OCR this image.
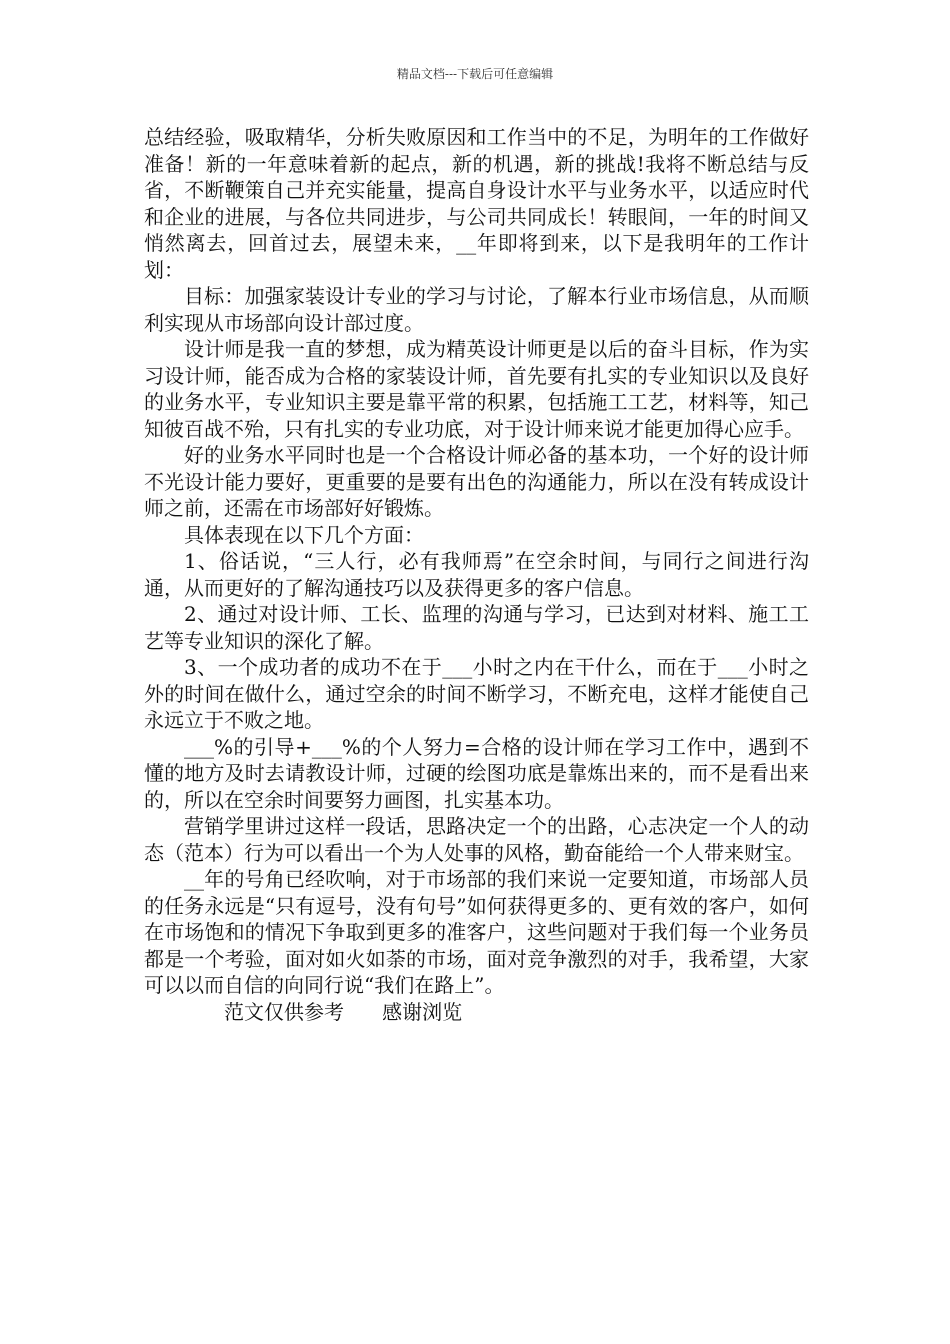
精品文档---下载后可任意编辑

总结经验，吸取精华，分析失败原因和工作当中的不足，为明年的工作做好准备！新的一年意味着新的起点，新的机遇，新的挑战!我将不断总结与反省，不断鞭策自己并充实能量，提高自身设计水平与业务水平，以适应时代和企业的进展，与各位共同进步，与公司共同成长！转眼间，一年的时间又悄然离去，回首过去，展望未来，__年即将到来，以下是我明年的工作计划：

目标：加强家装设计专业的学习与讨论，了解本行业市场信息，从而顺利实现从市场部向设计部过度。

设计师是我一直的梦想，成为精英设计师更是以后的奋斗目标，作为实习设计师，能否成为合格的家装设计师，首先要有扎实的专业知识以及良好的业务水平，专业知识主要是靠平常的积累，包括施工工艺，材料等，知己知彼百战不殆，只有扎实的专业功底，对于设计师来说才能更加得心应手。

好的业务水平同时也是一个合格设计师必备的基本功，一个好的设计师不光设计能力要好，更重要的是要有出色的沟通能力，所以在没有转成设计师之前，还需在市场部好好锻炼。

具体表现在以下几个方面：

1、俗话说，“三人行，必有我师焉”在空余时间，与同行之间进行沟通，从而更好的了解沟通技巧以及获得更多的客户信息。

2、通过对设计师、工长、监理的沟通与学习，已达到对材料、施工工艺等专业知识的深化了解。

3、一个成功者的成功不在于___小时之内在干什么，而在于___小时之外的时间在做什么，通过空余的时间不断学习，不断充电，这样才能使自己永远立于不败之地。

___%的引导+___%的个人努力=合格的设计师在学习工作中，遇到不懂的地方及时去请教设计师，过硬的绘图功底是靠炼出来的，而不是看出来的，所以在空余时间要努力画图，扎实基本功。

营销学里讲过这样一段话，思路决定一个的出路，心志决定一个人的动态（范本）行为可以看出一个为人处事的风格，勤奋能给一个人带来财宝。

__年的号角已经吹响，对于市场部的我们来说一定要知道，市场部人员的任务永远是“只有逗号，没有句号”如何获得更多的、更有效的客户，如何在市场饱和的情况下争取到更多的准客户，这些问题对于我们每一个业务员都是一个考验，面对如火如荼的市场，面对竞争激烈的对手，我希望，大家可以以而自信的向同行说“我们在路上”。

范文仅供参考      感谢浏览
